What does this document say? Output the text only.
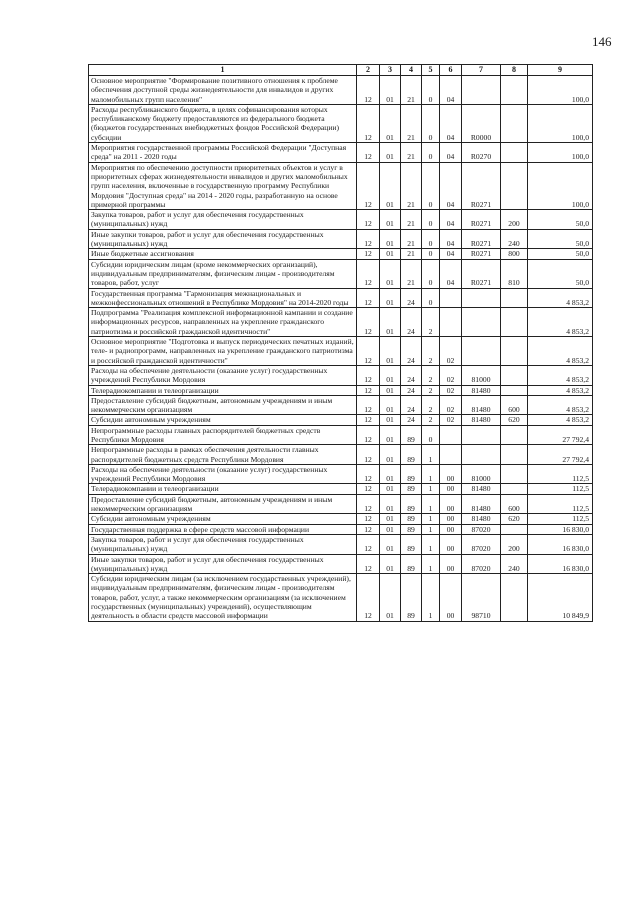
146
1	2	3	4	5	6	7	8	9
Основное мероприятие "Формирование позитивного отношения к проблеме обеспечения доступной среды жизнедеятельности для инвалидов и других маломобильных групп населения"	12	01	21	0	04			100,0
Расходы республиканского бюджета, в целях софинансирования которых республиканскому бюджету предоставляются из федерального бюджета (бюджетов государственных внебюджетных фондов Российской Федерации) субсидии	12	01	21	0	04	R0000		100,0
Мероприятия государственной программы Российской Федерации "Доступная среда" на 2011 - 2020 годы	12	01	21	0	04	R0270		100,0
Мероприятия по обеспечению доступности приоритетных объектов и услуг в приоритетных сферах жизнедеятельности инвалидов и других маломобильных групп населения, включенные в государственную программу Республики Мордовия "Доступная среда" на 2014 - 2020 годы, разработанную на основе примерной программы	12	01	21	0	04	R0271		100,0
Закупка товаров, работ и услуг для обеспечения государственных (муниципальных) нужд	12	01	21	0	04	R0271	200	50,0
Иные закупки товаров, работ и услуг для обеспечения государственных (муниципальных) нужд	12	01	21	0	04	R0271	240	50,0
Иные бюджетные ассигнования	12	01	21	0	04	R0271	800	50,0
Субсидии юридическим лицам (кроме некоммерческих организаций), индивидуальным предпринимателям, физическим лицам - производителям товаров, работ, услуг	12	01	21	0	04	R0271	810	50,0
Государственная программа "Гармонизация межнациональных и межконфессиональных отношений в Республике Мордовия" на 2014-2020 годы	12	01	24	0				4 853,2
Подпрограмма "Реализация комплексной информационной кампании и создание информационных ресурсов, направленных на укрепление гражданского патриотизма и российской гражданской идентичности"	12	01	24	2				4 853,2
Основное мероприятие "Подготовка и выпуск периодических печатных изданий, теле- и радиопрограмм, направленных на укрепление гражданского патриотизма и российской гражданской идентичности"	12	01	24	2	02			4 853,2
Расходы на обеспечение деятельности (оказание услуг) государственных учреждений Республики Мордовия	12	01	24	2	02	81000		4 853,2
Телерадиокомпании и телеорганизации	12	01	24	2	02	81480		4 853,2
Предоставление субсидий бюджетным, автономным учреждениям и иным некоммерческим организациям	12	01	24	2	02	81480	600	4 853,2
Субсидии автономным учреждениям	12	01	24	2	02	81480	620	4 853,2
Непрограммные расходы главных распорядителей бюджетных средств Республики Мордовия	12	01	89	0				27 792,4
Непрограммные расходы в рамках обеспечения деятельности главных распорядителей бюджетных средств Республики Мордовия	12	01	89	1				27 792,4
Расходы на обеспечение деятельности (оказание услуг) государственных учреждений Республики Мордовия	12	01	89	1	00	81000		112,5
Телерадиокомпании и телеорганизации	12	01	89	1	00	81480		112,5
Предоставление субсидий бюджетным, автономным учреждениям и иным некоммерческим организациям	12	01	89	1	00	81480	600	112,5
Субсидии автономным учреждениям	12	01	89	1	00	81480	620	112,5
Государственная поддержка в сфере средств массовой информации	12	01	89	1	00	87020		16 830,0
Закупка товаров, работ и услуг для обеспечения государственных (муниципальных) нужд	12	01	89	1	00	87020	200	16 830,0
Иные закупки товаров, работ и услуг для обеспечения государственных (муниципальных) нужд	12	01	89	1	00	87020	240	16 830,0
Субсидии юридическим лицам (за исключением государственных учреждений), индивидуальным предпринимателям, физическим лицам - производителям товаров, работ, услуг, а также некоммерческим организациям (за исключением государственных (муниципальных) учреждений), осуществляющим деятельность в области средств массовой информации	12	01	89	1	00	98710		10 849,9
